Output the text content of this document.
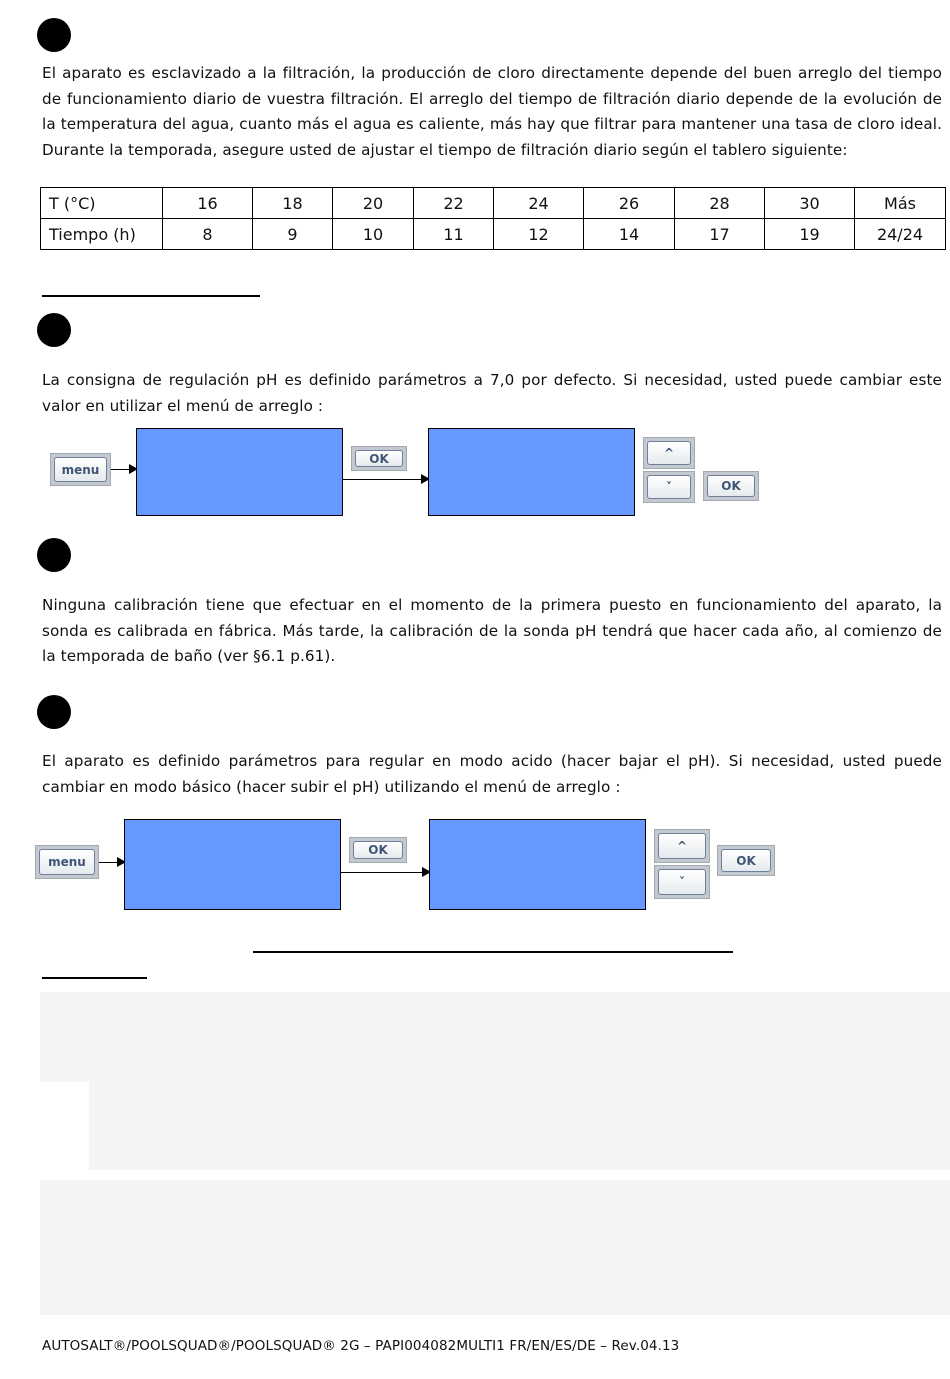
El aparato es esclavizado a la filtración, la producción de cloro directamente depende del buen arreglo del tiempo de funcionamiento diario de vuestra filtración. El arreglo del tiempo de filtración diario depende de la evolución de la temperatura del agua, cuanto más el agua es caliente, más hay que filtrar para mantener una tasa de cloro ideal. Durante la temporada, asegure usted de ajustar el tiempo de filtración diario según el tablero siguiente:
T (°C)	16	18	20	22	24	26	28	30	Más
Tiempo (h)	8	9	10	11	12	14	17	19	24/24
La consigna de regulación pH es definido parámetros a 7,0 por defecto. Si necesidad, usted puede cambiar este valor en utilizar el menú de arreglo :
menu
OK	^
˅	OK
Ninguna calibración tiene que efectuar en el momento de la primera puesto en funcionamiento del aparato, la sonda es calibrada en fábrica. Más tarde, la calibración de la sonda pH tendrá que hacer cada año, al comienzo de la temporada de baño (ver §6.1 p.61).
El aparato es definido parámetros para regular en modo acido (hacer bajar el pH). Si necesidad, usted puede cambiar en modo básico (hacer subir el pH) utilizando el menú de arreglo :
menu
OK	^
˅
OK
AUTOSALT®/POOLSQUAD®/POOLSQUAD® 2G – PAPI004082MULTI1 FR/EN/ES/DE – Rev.04.13
